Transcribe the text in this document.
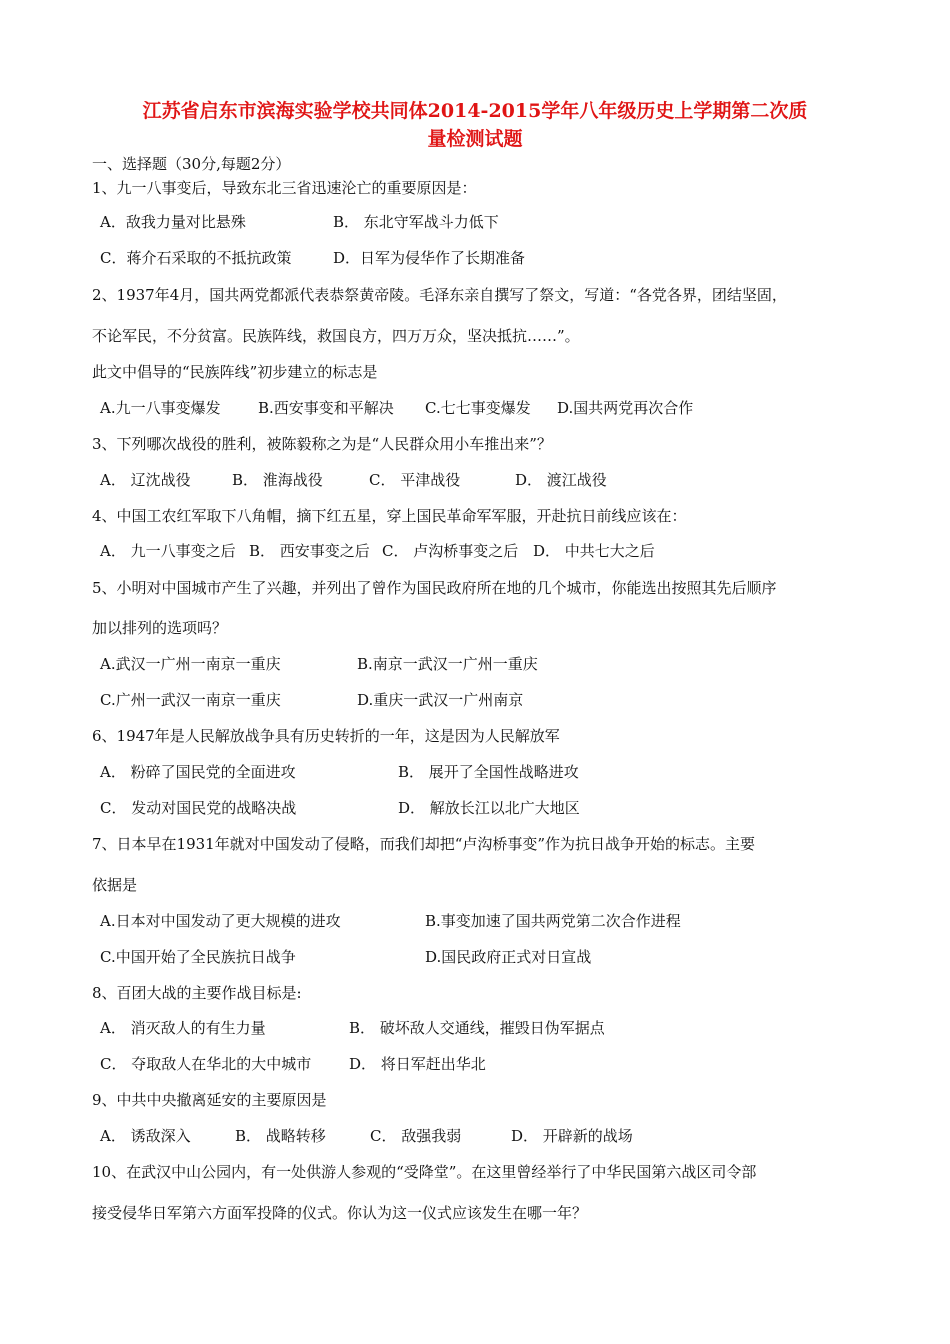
江苏省启东市滨海实验学校共同体2014-2015学年八年级历史上学期第二次质
量检测试题
一、选择题（30分,每题2分）
1、九一八事变后，导致东北三省迅速沦亡的重要原因是：
A．敌我力量对比悬殊	B． 东北守军战斗力低下
C．蒋介石采取的不抵抗政策	D．日军为侵华作了长期准备
2、1937年4月，国共两党都派代表恭祭黄帝陵。毛泽东亲自撰写了祭文，写道：“各党各界，团结坚固，
不论军民，不分贫富。民族阵线，救国良方，四万万众，坚决抵抗……”。
此文中倡导的“民族阵线”初步建立的标志是
A.九一八事变爆发 B.西安事变和平解决 C.七七事变爆发 D.国共两党再次合作
3、下列哪次战役的胜利，被陈毅称之为是“人民群众用小车推出来”？
A． 辽沈战役	B． 淮海战役	C． 平津战役	D． 渡江战役
4、中国工农红军取下八角帽，摘下红五星，穿上国民革命军军服，开赴抗日前线应该在：
A． 九一八事变之后 B． 西安事变之后 C． 卢沟桥事变之后 D． 中共七大之后
5、小明对中国城市产生了兴趣，并列出了曾作为国民政府所在地的几个城市，你能选出按照其先后顺序
加以排列的选项吗？
A.武汉一广州一南京一重庆	B.南京一武汉一广州一重庆
C.广州一武汉一南京一重庆	D.重庆一武汉一广州南京
6、1947年是人民解放战争具有历史转折的一年，这是因为人民解放军
A． 粉碎了国民党的全面进攻	B． 展开了全国性战略进攻
C． 发动对国民党的战略决战	D． 解放长江以北广大地区
7、日本早在1931年就对中国发动了侵略，而我们却把“卢沟桥事变”作为抗日战争开始的标志。主要
依据是
A.日本对中国发动了更大规模的进攻	B.事变加速了国共两党第二次合作进程
C.中国开始了全民族抗日战争	D.国民政府正式对日宣战
8、百团大战的主要作战目标是:
A． 消灭敌人的有生力量	B． 破坏敌人交通线，摧毁日伪军据点
C． 夺取敌人在华北的大中城市	D． 将日军赶出华北
9、中共中央撤离延安的主要原因是
A． 诱敌深入	B． 战略转移	C． 敌强我弱	D． 开辟新的战场
10、在武汉中山公园内，有一处供游人参观的“受降堂”。在这里曾经举行了中华民国第六战区司令部
接受侵华日军第六方面军投降的仪式。你认为这一仪式应该发生在哪一年？
